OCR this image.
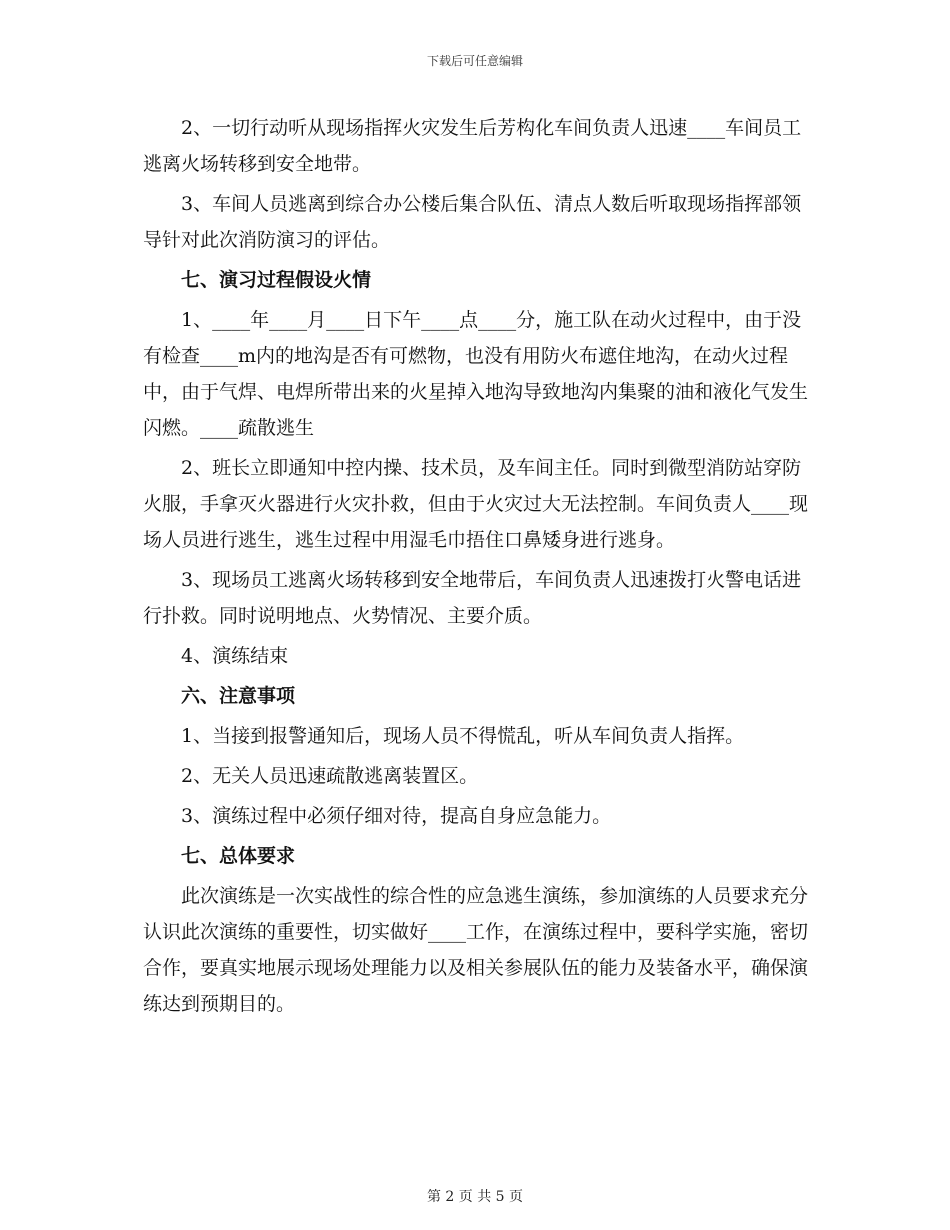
下载后可任意编辑

2、一切行动听从现场指挥火灾发生后芳构化车间负责人迅速____车间员工逃离火场转移到安全地带。

3、车间人员逃离到综合办公楼后集合队伍、清点人数后听取现场指挥部领导针对此次消防演习的评估。

七、演习过程假设火情

1、____年____月____日下午____点____分，施工队在动火过程中，由于没有检查____m内的地沟是否有可燃物，也没有用防火布遮住地沟，在动火过程中，由于气焊、电焊所带出来的火星掉入地沟导致地沟内集聚的油和液化气发生闪燃。____疏散逃生

2、班长立即通知中控内操、技术员，及车间主任。同时到微型消防站穿防火服，手拿灭火器进行火灾扑救，但由于火灾过大无法控制。车间负责人____现场人员进行逃生，逃生过程中用湿毛巾捂住口鼻矮身进行逃身。

3、现场员工逃离火场转移到安全地带后，车间负责人迅速拨打火警电话进行扑救。同时说明地点、火势情况、主要介质。

4、演练结束

六、注意事项

1、当接到报警通知后，现场人员不得慌乱，听从车间负责人指挥。

2、无关人员迅速疏散逃离装置区。

3、演练过程中必须仔细对待，提高自身应急能力。

七、总体要求

此次演练是一次实战性的综合性的应急逃生演练，参加演练的人员要求充分认识此次演练的重要性，切实做好____工作，在演练过程中，要科学实施，密切合作，要真实地展示现场处理能力以及相关参展队伍的能力及装备水平，确保演练达到预期目的。

第 2 页 共 5 页
